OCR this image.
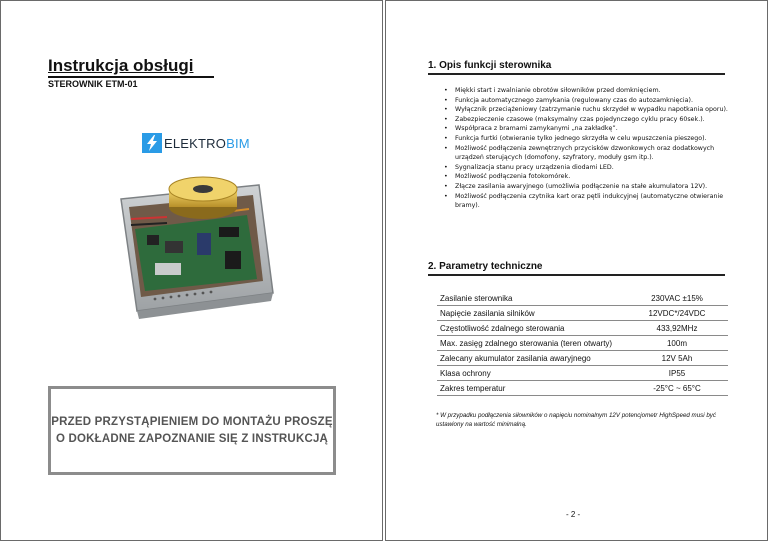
Instrukcja obsługi

STEROWNIK ETM-01

ELEKTROBIM
PRZED PRZYSTĄPIENIEM DO MONTAŻU PROSZĘ O DOKŁADNE ZAPOZNANIE SIĘ Z INSTRUKCJĄ
1. Opis funkcji sterownika
• Miękki start i zwalnianie obrotów siłowników przed domknięciem.
• Funkcja automatycznego zamykania (regulowany czas do autozamknięcia).
• Wyłącznik przeciążeniowy (zatrzymanie ruchu skrzydeł w wypadku napotkania oporu).
• Zabezpieczenie czasowe (maksymalny czas pojedynczego cyklu pracy 60sek.).
• Współpraca z bramami zamykanymi „na zakładkę”.
• Funkcja furtki (otwieranie tylko jednego skrzydła w celu wpuszczenia pieszego).
• Możliwość podłączenia zewnętrznych przycisków dzwonkowych oraz dodatkowych urządzeń sterujących (domofony, szyfratory, moduły gsm itp.).
• Sygnalizacja stanu pracy urządzenia diodami LED.
• Możliwość podłączenia fotokomórek.
• Złącze zasilania awaryjnego (umożliwia podłączenie na stałe akumulatora 12V).
• Możliwość podłączenia czytnika kart oraz pętli indukcyjnej (automatyczne otwieranie bramy).
2. Parametry techniczne
Zasilanie sterownika	230VAC ±15%
Napięcie zasilania silników	12VDC*/24VDC
Częstotliwość zdalnego sterowania	433,92MHz
Max. zasięg zdalnego sterowania (teren otwarty)	100m
Zalecany akumulator zasilania awaryjnego	12V 5Ah
Klasa ochrony	IP55
Zakres temperatur	-25°C ~ 65°C

* W przypadku podłączenia siłowników o napięciu nominalnym 12V potencjometr HighSpeed musi być ustawiony na wartość minimalną.

- 2 -
